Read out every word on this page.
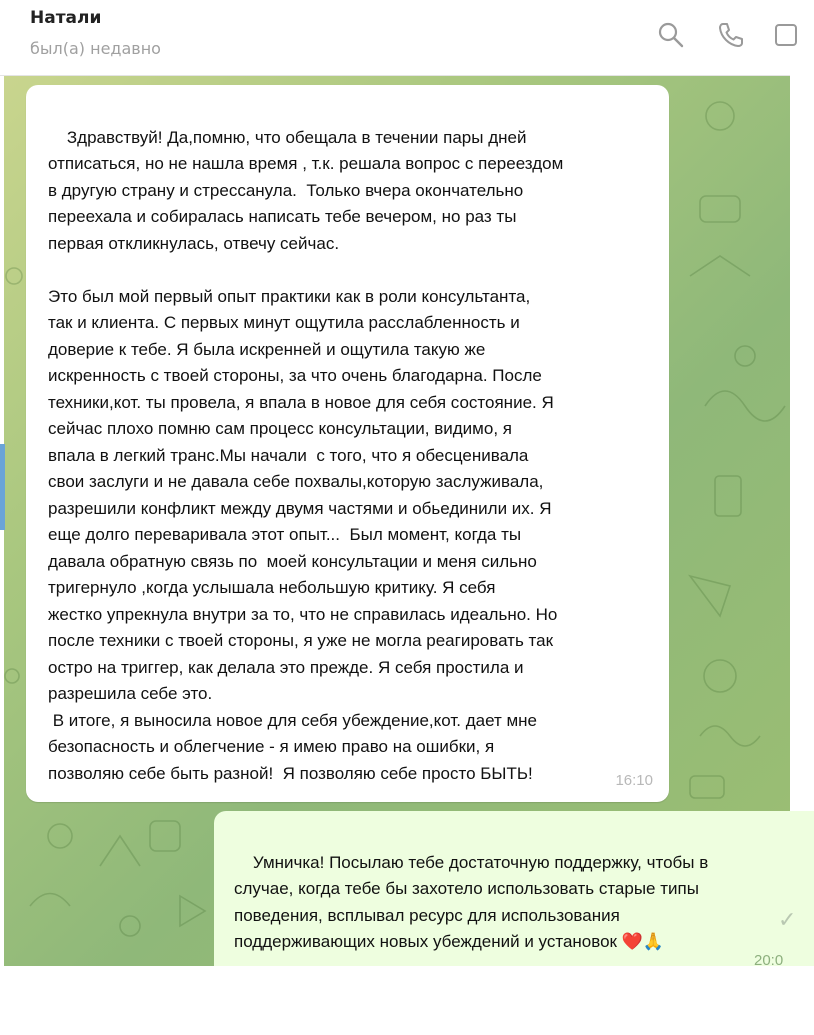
Натали
был(а) недавно

Здравствуй! Да,помню, что обещала в течении пары дней
отписаться, но не нашла время , т.к. решала вопрос с переездом
в другую страну и стрессанула.  Только вчера окончательно
переехала и собиралась написать тебе вечером, но раз ты
первая откликнулась, отвечу сейчас.

Это был мой первый опыт практики как в роли консультанта,
так и клиента. С первых минут ощутила расслабленность и
доверие к тебе. Я была искренней и ощутила такую же
искренность с твоей стороны, за что очень благодарна. После
техники,кот. ты провела, я впала в новое для себя состояние. Я
сейчас плохо помню сам процесс консультации, видимо, я
впала в легкий транс.Мы начали  с того, что я обесценивала
свои заслуги и не давала себе похвалы,которую заслуживала,
разрешили конфликт между двумя частями и обьединили их. Я
еще долго переваривала этот опыт...  Был момент, когда ты
давала обратную связь по  моей консультации и меня сильно
тригернуло ,когда услышала небольшую критику. Я себя
жестко упрекнула внутри за то, что не справилась идеально. Но
после техники с твоей стороны, я уже не могла реагировать так
остро на триггер, как делала это прежде. Я себя простила и
разрешила себе это.
В итоге, я выносила новое для себя убеждение,кот. дает мне
безопасность и облегчение - я имею право на ошибки, я
позволяю себе быть разной!  Я позволяю себе просто БЫТЬ!
	16:10

Умничка! Посылаю тебе достаточную поддержку, чтобы в
случае, когда тебе бы захотело использовать старые типы
поведения, всплывал ресурс для использования
поддерживающих новых убеждений и установок ❤️🙏

✓

20:0
